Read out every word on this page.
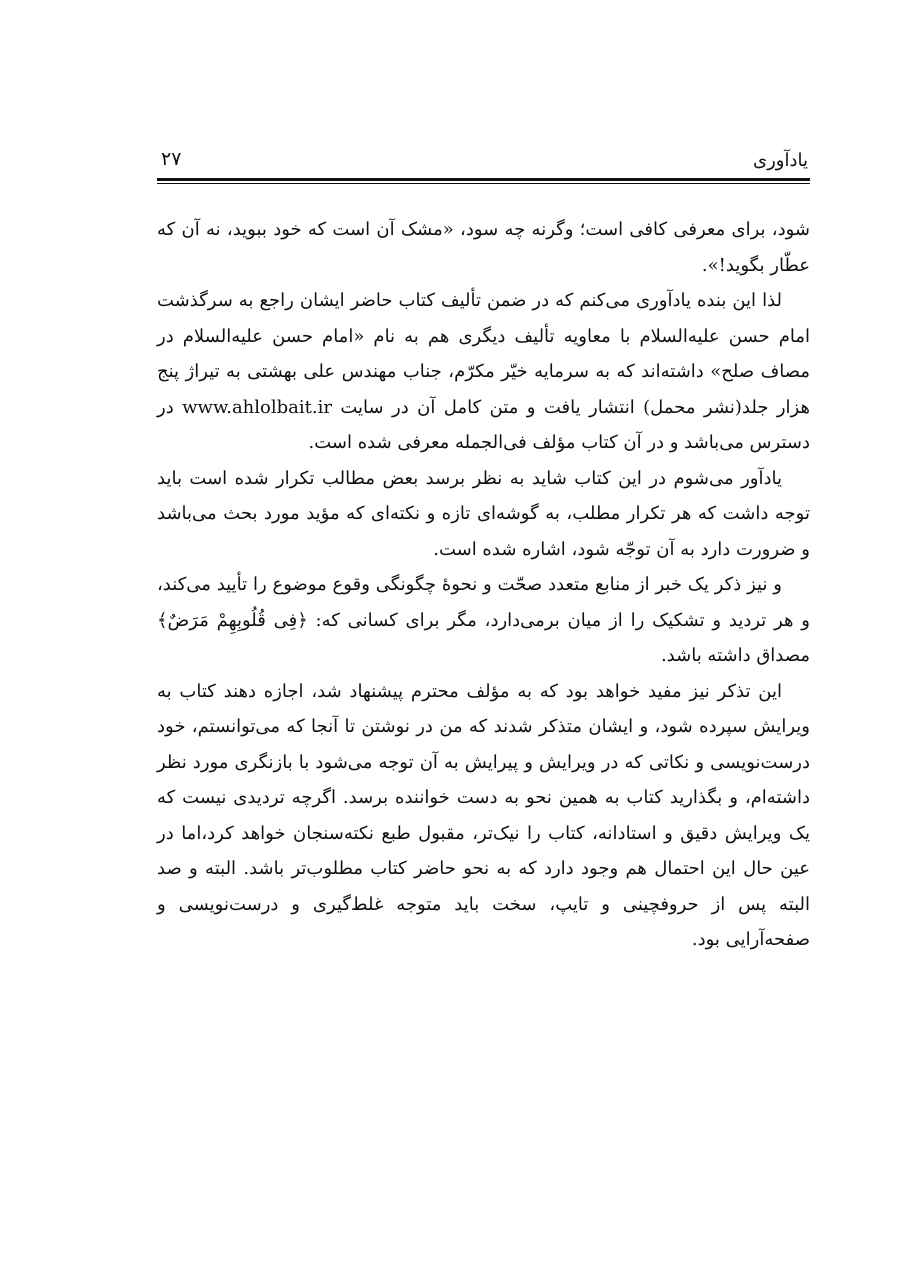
یادآوری
۲۷

شود، برای معرفی کافی است؛ وگرنه چه سود، «مشک آن است که خود ببوید، نه آن که عطّار بگوید!».

لذا این بنده یادآوری می‌کنم که در ضمن تألیف کتاب حاضر ایشان راجع به سرگذشت امام حسن علیه‌السلام با معاویه تألیف دیگری هم به نام «امام حسن علیه‌السلام در مصاف صلح» داشته‌اند که به سرمایه خیّر مکرّم، جناب مهندس علی بهشتی به تیراژ پنج هزار جلد(نشر محمل) انتشار یافت و متن کامل آن در سایت www.ahlolbait.ir در دسترس می‌باشد و در آن کتاب مؤلف فی‌الجمله معرفی شده است.

یادآور می‌شوم در این کتاب شاید به نظر برسد بعض مطالب تکرار شده است باید توجه داشت که هر تکرار مطلب، به گوشه‌ای تازه و نکته‌ای که مؤید مورد بحث می‌باشد و ضرورت دارد به آن توجّه شود، اشاره شده است.

و نیز ذکر یک خبر از منابع متعدد صحّت و نحوهٔ چگونگی وقوع موضوع را تأیید می‌کند، و هر تردید و تشکیک را از میان برمی‌دارد، مگر برای کسانی که: ﴿فِی قُلُوبِهِمْ مَرَضٌ﴾ مصداق داشته باشد.

این تذکر نیز مفید خواهد بود که به مؤلف محترم پیشنهاد شد، اجازه دهند کتاب به ویرایش سپرده شود، و ایشان متذکر شدند که من در نوشتن تا آنجا که می‌توانستم، خود درست‌نویسی و نکاتی که در ویرایش و پیرایش به آن توجه می‌شود با بازنگری مورد نظر داشته‌ام، و بگذارید کتاب به همین نحو به دست خواننده برسد. اگرچه تردیدی نیست که یک ویرایش دقیق و استادانه، کتاب را نیک‌تر، مقبول طبع نکته‌سنجان خواهد کرد،اما در عین حال این احتمال هم وجود دارد که به نحو حاضر کتاب مطلوب‌تر باشد. البته و صد البته پس از حروفچینی و تایپ، سخت باید متوجه غلط‌گیری و درست‌نویسی و صفحه‌آرایی بود.
